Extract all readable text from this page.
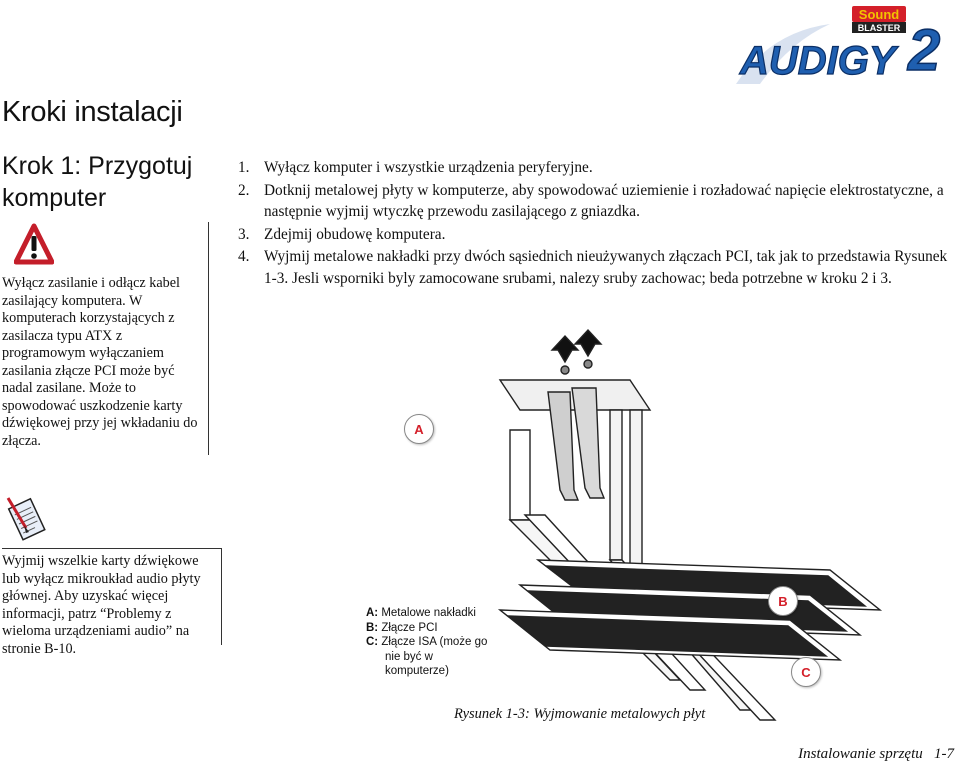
Sound
BLASTER
AUDIGY 2
Kroki instalacji
Krok 1: Przygotuj komputer
Wyłącz zasilanie i odłącz kabel zasilający komputera. W komputerach korzystających z zasilacza typu ATX z programowym wyłączaniem zasilania złącze PCI może być nadal zasilane. Może to spowodować uszkodzenie karty dźwiękowej przy jej wkładaniu do złącza.
1. Wyłącz komputer i wszystkie urządzenia peryferyjne.
2. Dotknij metalowej płyty w komputerze, aby spowodować uziemienie i rozładować napięcie elektrostatyczne, a następnie wyjmij wtyczkę przewodu zasilającego z gniazdka.
3. Zdejmij obudowę komputera.
4. Wyjmij metalowe nakładki przy dwóch sąsiednich nieużywanych złączach PCI, tak jak to przedstawia Rysunek 1-3. Jesli wsporniki byly zamocowane srubami, nalezy sruby zachowac; beda potrzebne w kroku 2 i 3.
Wyjmij wszelkie karty dźwiękowe lub wyłącz mikroukład audio płyty głównej. Aby uzyskać więcej informacji, patrz “Problemy z wieloma urządzeniami audio” na stronie B-10.
A
B
C
A: Metalowe nakładki
B: Złącze PCI
C: Złącze ISA (może go
nie być w
komputerze)
Rysunek 1-3: Wyjmowanie metalowych płyt
Instalowanie sprzętu   1-7
